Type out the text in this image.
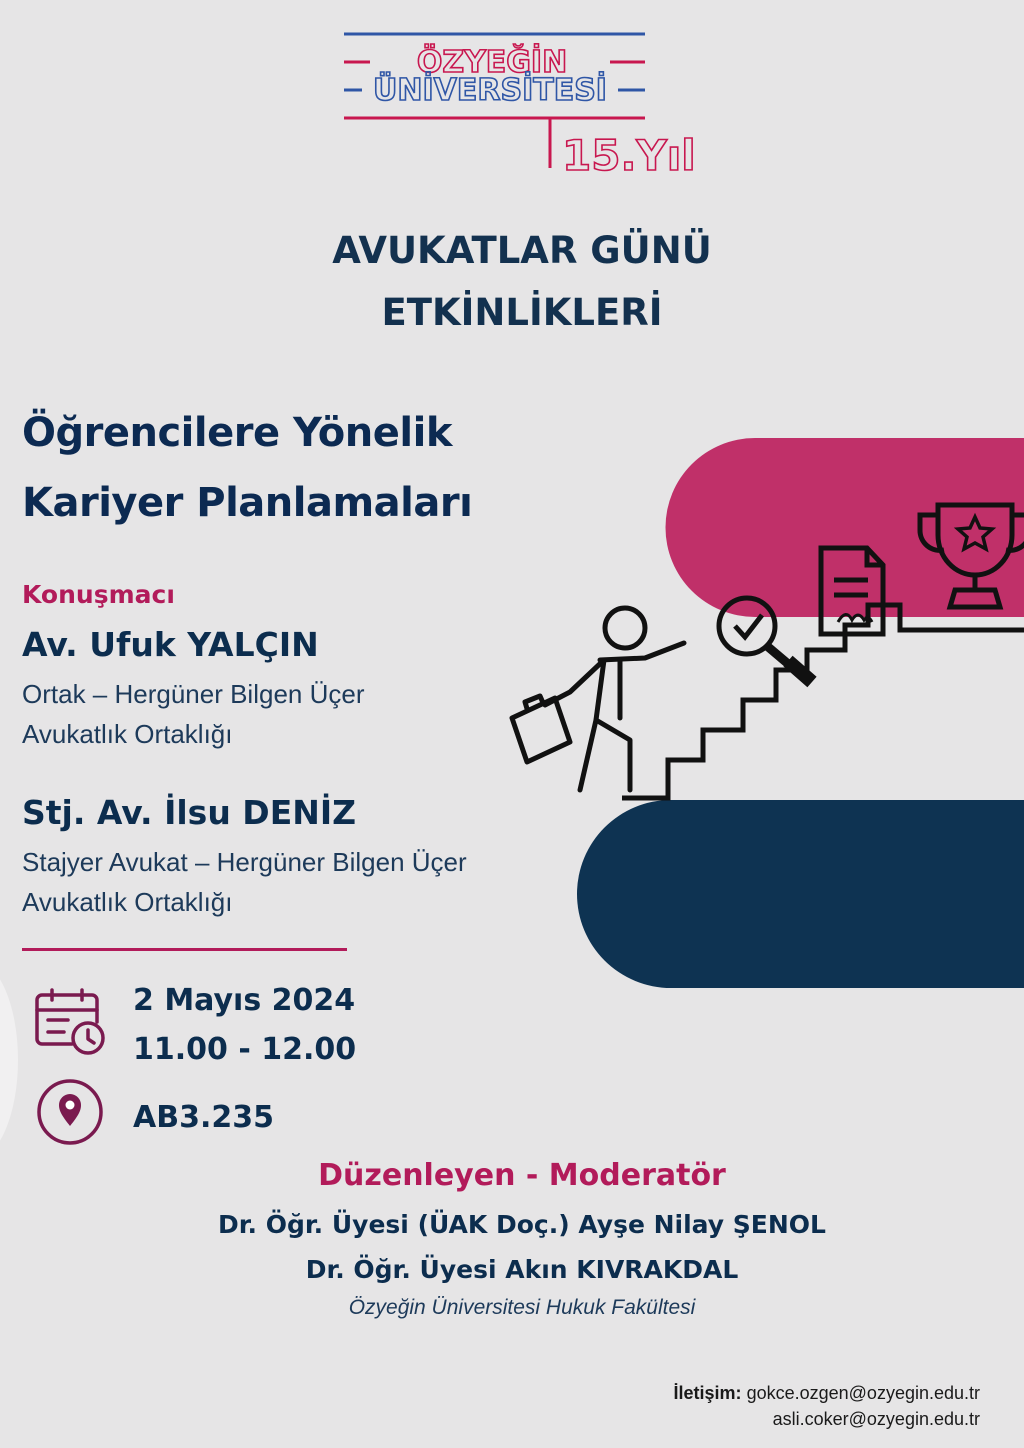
ÖZYEĞİN
ÜNİVERSİTESİ
15.Yıl
AVUKATLAR GÜNÜ
ETKİNLİKLERİ
Öğrencilere Yönelik
Kariyer Planlamaları
Konuşmacı
Av. Ufuk YALÇIN
Ortak – Hergüner Bilgen Üçer
Avukatlık Ortaklığı
Stj. Av. İlsu DENİZ
Stajyer Avukat – Hergüner Bilgen Üçer
Avukatlık Ortaklığı
2 Mayıs 2024
11.00 - 12.00
AB3.235
Düzenleyen - Moderatör
Dr. Öğr. Üyesi (ÜAK Doç.) Ayşe Nilay ŞENOL
Dr. Öğr. Üyesi Akın KIVRAKDAL
Özyeğin Üniversitesi Hukuk Fakültesi
İletişim: gokce.ozgen@ozyegin.edu.tr
asli.coker@ozyegin.edu.tr
